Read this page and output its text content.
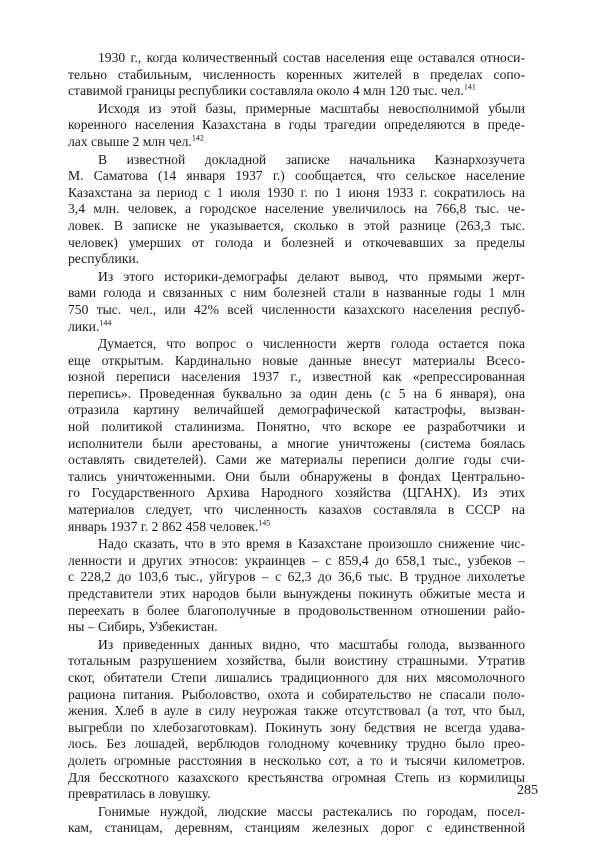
1930 г., когда количественный состав населения еще оставался относи-
тельно стабильным, численность коренных жителей в пределах сопо-
ставимой границы республики составляла около 4 млн 120 тыс. чел.$^{141}$
Исходя из этой базы, примерные масштабы невосполнимой убыли
коренного населения Казахстана в годы трагедии определяются в преде-
лах свыше 2 млн чел.$^{142}$
В известной докладной записке начальника Казнархозучета
М. Саматова (14 января 1937 г.) сообщается, что сельское население
Казахстана за период с 1 июля 1930 г. по 1 июня 1933 г. сократилось на
3,4 млн. человек, а городское население увеличилось на 766,8 тыс. че-
ловек. В записке не указывается, сколько в этой разнице (263,3 тыс.
человек) умерших от голода и болезней и откочевавших за пределы
республики.
Из этого историки-демографы делают вывод, что прямыми жерт-
вами голода и связанных с ним болезней стали в названные годы 1 млн
750 тыс. чел., или 42% всей численности казахского населения респуб-
лики.$^{144}$
Думается, что вопрос о численности жертв голода остается пока
еще открытым. Кардинально новые данные внесут материалы Всесо-
юзной переписи населения 1937 г., известной как «репрессированная
перепись». Проведенная буквально за один день (с 5 на 6 января), она
отразила картину величайшей демографической катастрофы, вызван-
ной политикой сталинизма. Понятно, что вскоре ее разработчики и
исполнители были арестованы, а многие уничтожены (система боялась
оставлять свидетелей). Сами же материалы переписи долгие годы счи-
тались уничтоженными. Они были обнаружены в фондах Центрально-
го Государственного Архива Народного хозяйства (ЦГАНХ). Из этих
материалов следует, что численность казахов составляла в СССР на
январь 1937 г. 2 862 458 человек.$^{145}$
Надо сказать, что в это время в Казахстане произошло снижение чис-
ленности и других этносов: украинцев – с 859,4 до 658,1 тыс., узбеков –
с 228,2 до 103,6 тыс., уйгуров – с 62,3 до 36,6 тыс. В трудное лихолетье
представители этих народов были вынуждены покинуть обжитые места и
переехать в более благополучные в продовольственном отношении райо-
ны – Сибирь, Узбекистан.
Из приведенных данных видно, что масштабы голода, вызванного
тотальным разрушением хозяйства, были воистину страшными. Утратив
скот, обитатели Степи лишались традиционного для них мясомолочного
рациона питания. Рыболовство, охота и собирательство не спасали поло-
жения. Хлеб в ауле в силу неурожая также отсутствовал (а тот, что был,
выгребли по хлебозаготовкам). Покинуть зону бедствия не всегда удава-
лось. Без лошадей, верблюдов голодному кочевнику трудно было прео-
долеть огромные расстояния в несколько сот, а то и тысячи километров.
Для бесскотного казахского крестьянства огромная Степь из кормилицы
превратилась в ловушку.
Гонимые нуждой, людские массы растекались по городам, посел-
кам, станицам, деревням, станциям железных дорог с единственной
285
